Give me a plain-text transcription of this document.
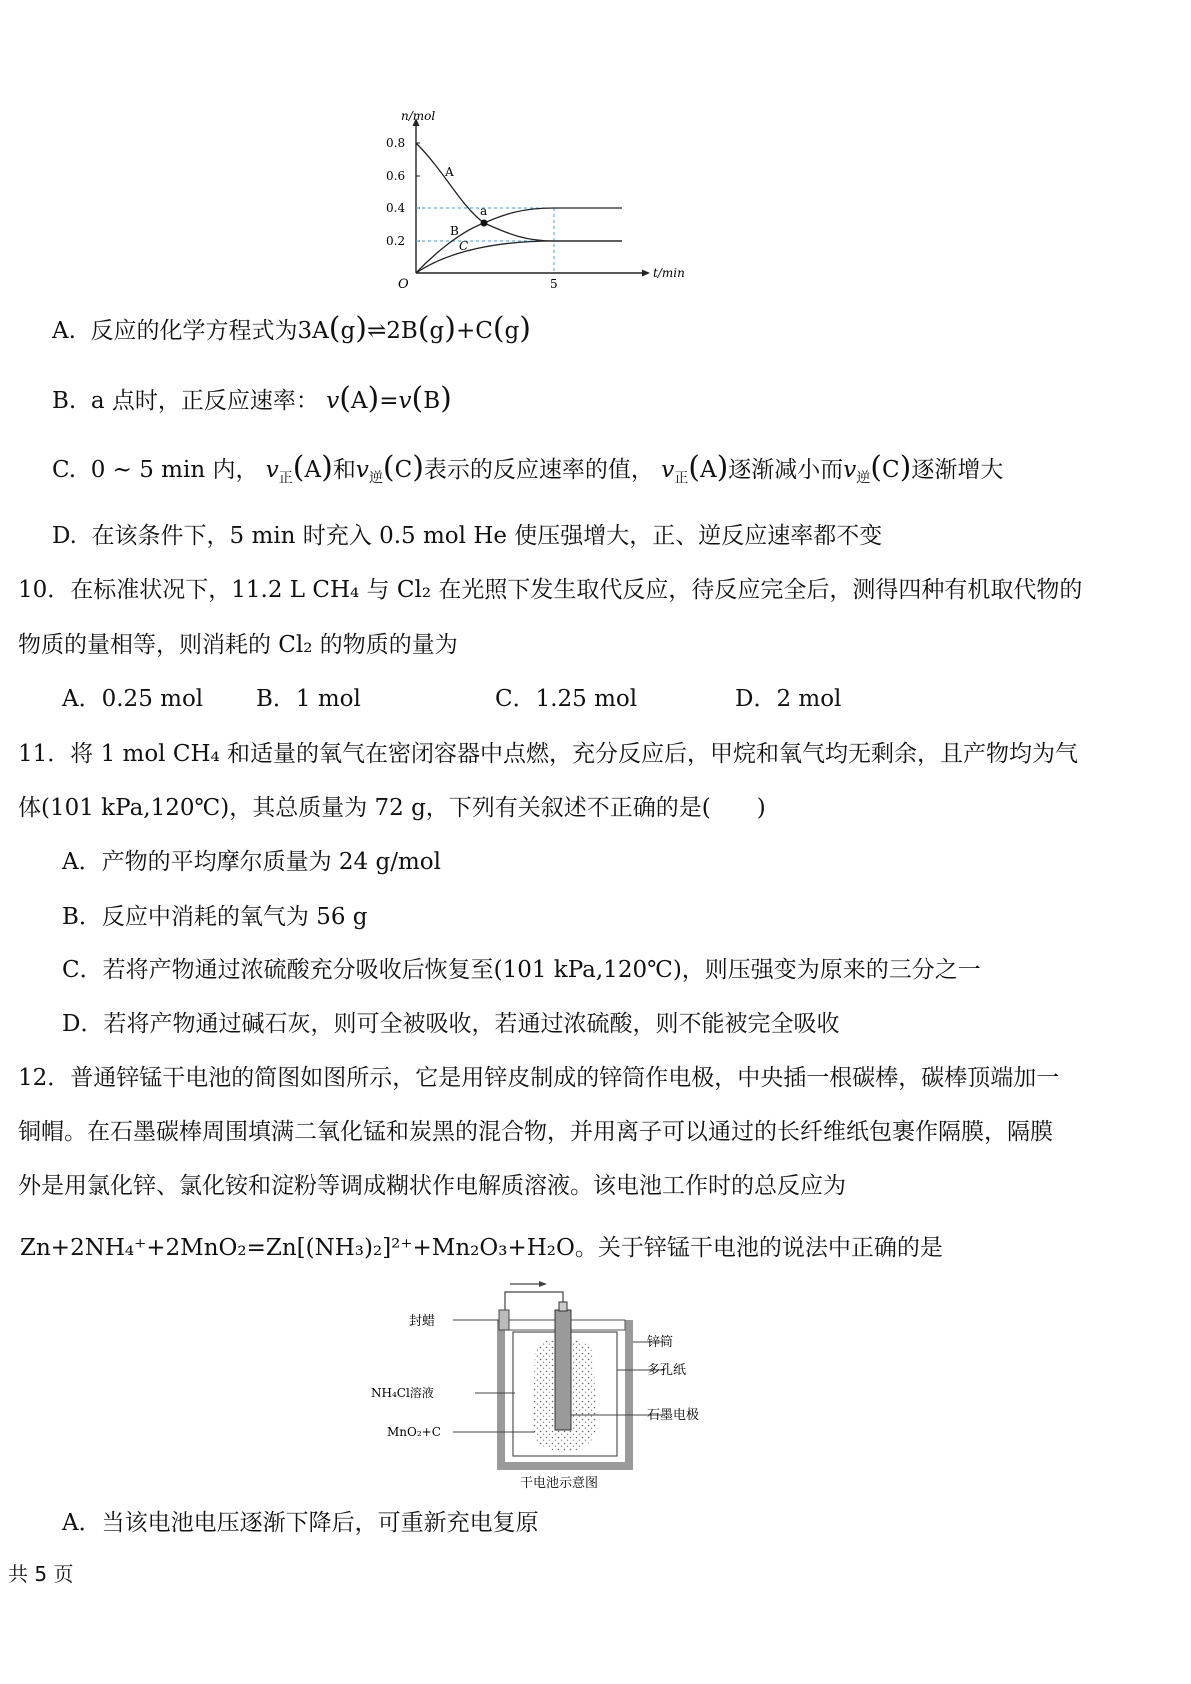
n/mol
0.8
0.6
0.4
0.2
O	5
t/min
A
B
C
a
A.  反应的化学方程式为3A(g)⇌2B(g)+C(g)
B.  a 点时，正反应速率： v(A)=v(B)
C.  0 ~ 5 min 内， $v_正(A)$和$v_逆(C)$表示的反应速率的值， $v_正(A)$逐渐减小而$v_逆(C)$逐渐增大
D.  在该条件下，5 min 时充入 0.5 mol He 使压强增大，正、逆反应速率都不变
10．在标准状况下，11.2 L CH₄ 与 Cl₂ 在光照下发生取代反应，待反应完全后，测得四种有机取代物的
物质的量相等，则消耗的 Cl₂ 的物质的量为
A．0.25 mol B．1 mol	C．1.25 mol	D．2 mol
11．将 1 mol CH₄ 和适量的氧气在密闭容器中点燃，充分反应后，甲烷和氧气均无剩余，且产物均为气
体(101 kPa,120℃)，其总质量为 72 g，下列有关叙述不正确的是(　　)
A．产物的平均摩尔质量为 24 g/mol
B．反应中消耗的氧气为 56 g
C．若将产物通过浓硫酸充分吸收后恢复至(101 kPa,120℃)，则压强变为原来的三分之一
D．若将产物通过碱石灰，则可全被吸收，若通过浓硫酸，则不能被完全吸收
12．普通锌锰干电池的简图如图所示，它是用锌皮制成的锌筒作电极，中央插一根碳棒，碳棒顶端加一
铜帽。在石墨碳棒周围填满二氧化锰和炭黑的混合物，并用离子可以通过的长纤维纸包裹作隔膜，隔膜
外是用氯化锌、氯化铵和淀粉等调成糊状作电解质溶液。该电池工作时的总反应为
Zn+2NH₄⁺+2MnO₂=Zn[(NH₃)₂]²⁺+Mn₂O₃+H₂O。关于锌锰干电池的说法中正确的是
封蜡
NH₄Cl溶液
MnO₂+C
锌筒
多孔纸
石墨电极
干电池示意图
A．当该电池电压逐渐下降后，可重新充电复原
共 5 页
